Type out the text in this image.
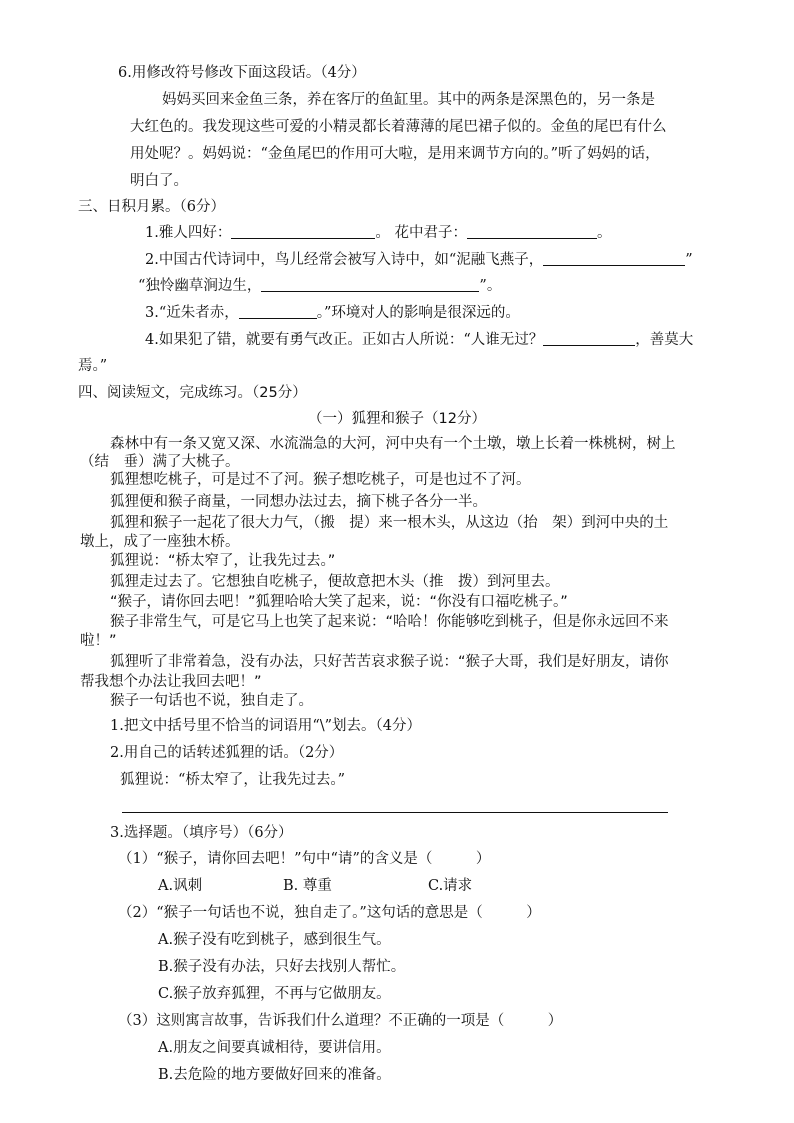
6.用修改符号修改下面这段话。（4分）
妈妈买回来金鱼三条，养在客厅的鱼缸里。其中的两条是深黑色的，另一条是
大红色的。我发现这些可爱的小精灵都长着薄薄的尾巴裙子似的。金鱼的尾巴有什么
用处呢？。妈妈说：“金鱼尾巴的作用可大啦，是用来调节方向的。”听了妈妈的话，
明白了。
三、日积月累。（6分）
1.雅人四好：	。 花中君子：	。
2.中国古代诗词中，鸟儿经常会被写入诗中，如“泥融飞燕子，	”
“独怜幽草涧边生，	”。
3.“近朱者赤，	。”环境对人的影响是很深远的。
4.如果犯了错，就要有勇气改正。正如古人所说：“人谁无过？	，善莫大
焉。”
四、阅读短文，完成练习。（25分）
（一）狐狸和猴子（12分）
森林中有一条又宽又深、水流湍急的大河，河中央有一个土墩，墩上长着一株桃树，树上
（结　垂）满了大桃子。
狐狸想吃桃子，可是过不了河。猴子想吃桃子，可是也过不了河。
狐狸便和猴子商量，一同想办法过去，摘下桃子各分一半。
狐狸和猴子一起花了很大力气，（搬　提）来一根木头，从这边（抬　架）到河中央的土
墩上，成了一座独木桥。
狐狸说：“桥太窄了，让我先过去。”
狐狸走过去了。它想独自吃桃子，便故意把木头（推　拨）到河里去。
“猴子，请你回去吧！”狐狸哈哈大笑了起来，说：“你没有口福吃桃子。”
猴子非常生气，可是它马上也笑了起来说：“哈哈！你能够吃到桃子，但是你永远回不来
啦！”
狐狸听了非常着急，没有办法，只好苦苦哀求猴子说：“猴子大哥，我们是好朋友，请你
帮我想个办法让我回去吧！”
猴子一句话也不说，独自走了。
1.把文中括号里不恰当的词语用“\”划去。（4分）
2.用自己的话转述狐狸的话。（2分）
狐狸说：“桥太窄了，让我先过去。”
3.选择题。（填序号）（6分）
（1）“猴子，请你回去吧！”句中“请”的含义是（　　　）
A.讽刺	B. 尊重	C.请求
（2）“猴子一句话也不说，独自走了。”这句话的意思是（　　　）
A.猴子没有吃到桃子，感到很生气。
B.猴子没有办法，只好去找别人帮忙。
C.猴子放弃狐狸，不再与它做朋友。
（3）这则寓言故事，告诉我们什么道理？不正确的一项是（　　　）
A.朋友之间要真诚相待，要讲信用。
B.去危险的地方要做好回来的准备。
